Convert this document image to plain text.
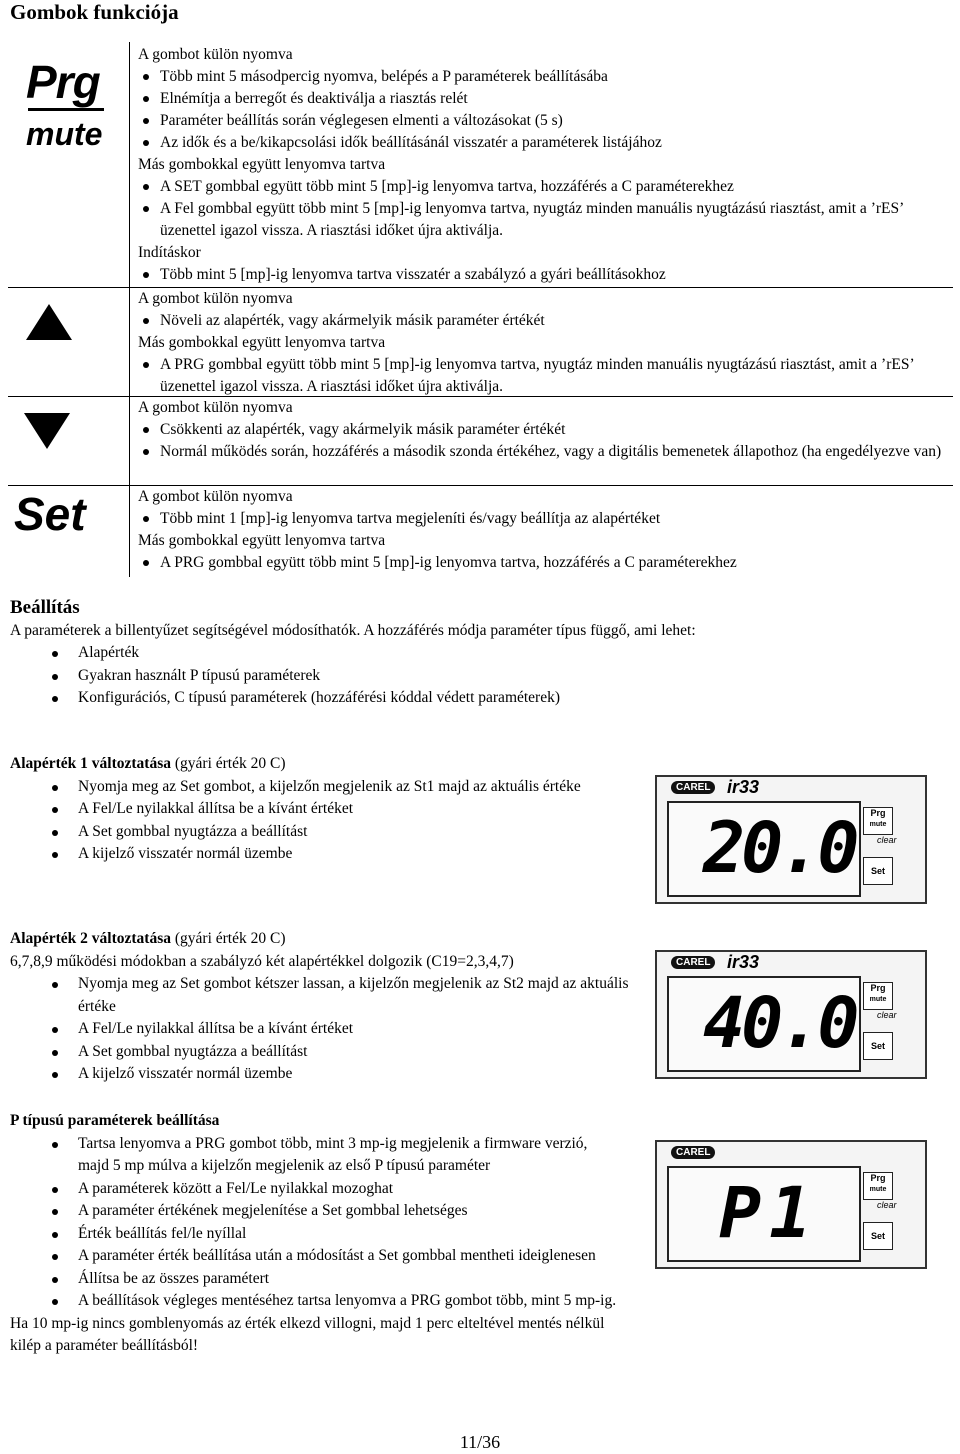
Gombok funkciója
Prg
mute
A gombot külön nyomva
Több mint 5 másodpercig nyomva, belépés a P paraméterek beállításába
Elnémítja a berregőt és deaktiválja a riasztás relét
Paraméter beállítás során véglegesen elmenti a változásokat (5 s)
Az idők és a be/kikapcsolási idők beállításánál visszatér a paraméterek listájához
Más gombokkal együtt lenyomva tartva
A SET gombbal együtt több mint 5 [mp]-ig lenyomva tartva, hozzáférés a C paraméterekhez
A Fel gombbal együtt több mint 5 [mp]-ig lenyomva tartva, nyugtáz minden manuális nyugtázású riasztást, amit a ’rES’ üzenettel igazol vissza. A riasztási időket újra aktiválja.
Indításkor
Több mint 5 [mp]-ig lenyomva tartva visszatér a szabályzó a gyári beállításokhoz
A gombot külön nyomva
Növeli az alapérték, vagy akármelyik másik paraméter értékét
Más gombokkal együtt lenyomva tartva
A PRG gombbal együtt több mint 5 [mp]-ig lenyomva tartva, nyugtáz minden manuális nyugtázású riasztást, amit a ’rES’ üzenettel igazol vissza. A riasztási időket újra aktiválja.
A gombot külön nyomva
Csökkenti az alapérték, vagy akármelyik másik paraméter értékét
Normál működés során, hozzáférés a második szonda értékéhez, vagy a digitális bemenetek állapothoz (ha engedélyezve van)
Set	A gombot külön nyomva
Több mint 1 [mp]-ig lenyomva tartva megjeleníti és/vagy beállítja az alapértéket
Más gombokkal együtt lenyomva tartva
A PRG gombbal együtt több mint 5 [mp]-ig lenyomva tartva, hozzáférés a C paraméterekhez
Beállítás
A paraméterek a billentyűzet segítségével módosíthatók. A hozzáférés módja paraméter típus függő, ami lehet:
Alapérték
Gyakran használt P típusú paraméterek
Konfigurációs, C típusú paraméterek (hozzáférési kóddal védett paraméterek)
Alapérték 1 változtatása (gyári érték 20 C)
Nyomja meg az Set gombot, a kijelzőn megjelenik az St1 majd az aktuális értéke
A Fel/Le nyilakkal állítsa be a kívánt értéket
A Set gombbal nyugtázza a beállítást
A kijelző visszatér normál üzembe
Alapérték 2 változtatása (gyári érték 20 C)
6,7,8,9 működési módokban a szabályzó két alapértékkel dolgozik (C19=2,3,4,7)
Nyomja meg az Set gombot kétszer lassan, a kijelzőn megjelenik az St2 majd az aktuális értéke
A Fel/Le nyilakkal állítsa be a kívánt értéket
A Set gombbal nyugtázza a beállítást
A kijelző visszatér normál üzembe
P típusú paraméterek beállítása
Tartsa lenyomva a PRG gombot több, mint 3 mp-ig megjelenik a firmware verzió, majd 5 mp múlva a kijelzőn megjelenik az első P típusú paraméter
A paraméterek között a Fel/Le nyilakkal mozoghat
A paraméter értékének megjelenítése a Set gombbal lehetséges
Érték beállítás fel/le nyíllal
A paraméter érték beállítása után a módosítást a Set gombbal mentheti ideiglenesen
Állítsa be az összes paramétert
A beállítások végleges mentéséhez tartsa lenyomva a PRG gombot több, mint 5 mp-ig.
Ha 10 mp-ig nincs gomblenyomás az érték elkezd villogni, majd 1 perc elteltével mentés nélkül kilép a paraméter beállításból!
CAREL ir33
20.0	Prg
mute
clear
Set
CAREL ir33
40.0	Prg
mute
clear
Set
CAREL
P1	Prg
mute
clear
Set
11/36
